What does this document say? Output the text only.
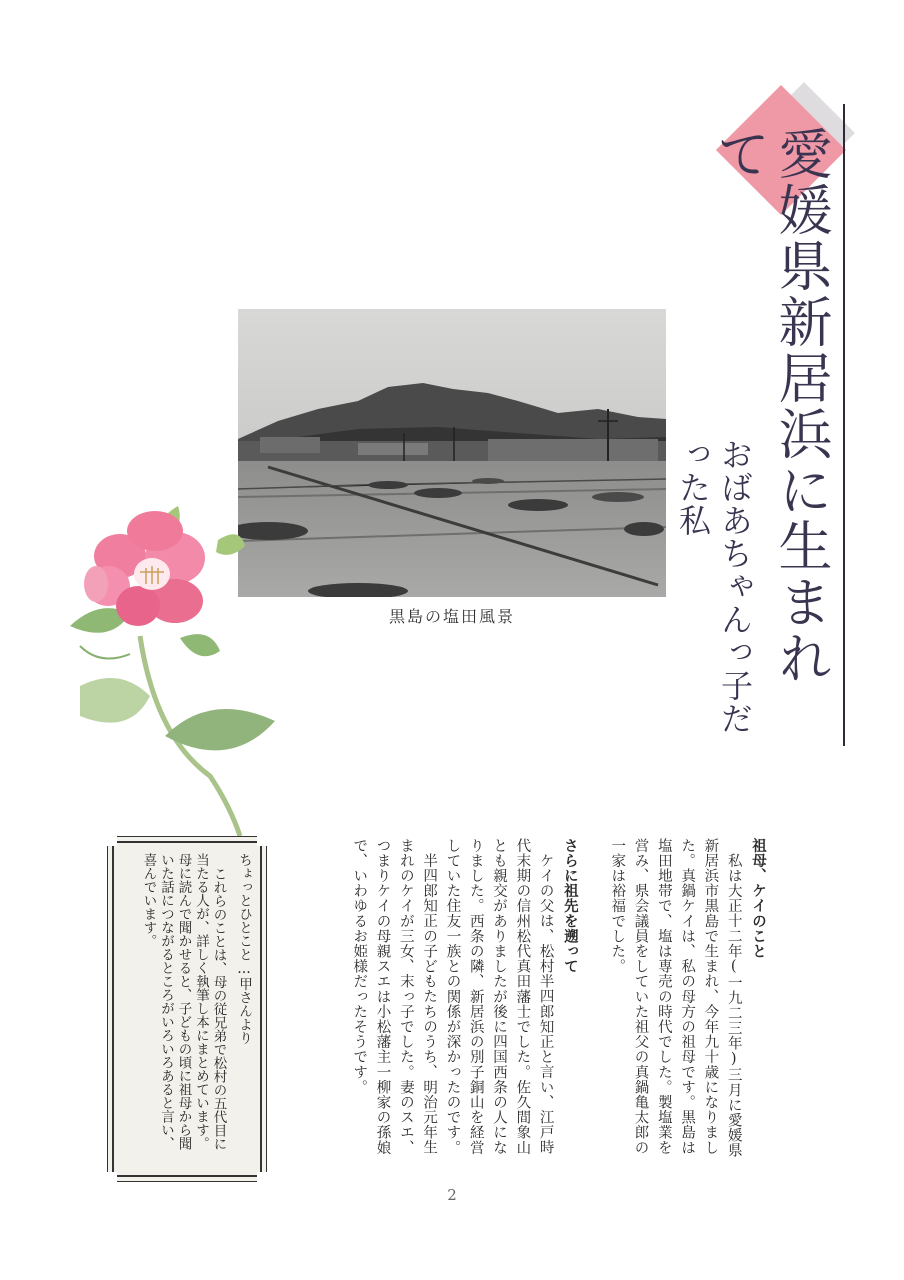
愛媛県新居浜に生まれて
おばあちゃんっ子だった私
黒島の塩田風景
祖母、ケイのこと

私は大正十二年(一九二三年)三月に愛媛県新居浜市黒島で生まれ、今年九十歳になりました。真鍋ケイは、私の母方の祖母です。黒島は塩田地帯で、塩は専売の時代でした。製塩業を営み、県会議員をしていた祖父の真鍋亀太郎の一家は裕福でした。

さらに祖先を遡って

ケイの父は、松村半四郎知正と言い、江戸時代末期の信州松代真田藩士でした。佐久間象山とも親交がありましたが後に四国西条の人になりました。西条の隣、新居浜の別子銅山を経営していた住友一族との関係が深かったのです。

半四郎知正の子どもたちのうち、明治元年生まれのケイが三女、末っ子でした。妻のスエ、つまりケイの母親スエは小松藩主一柳家の孫娘で、いわゆるお姫様だったそうです。

ちょっとひとこと…甲さんより

これらのことは、母の従兄弟で松村の五代目に当たる人が、詳しく執筆し本にまとめています。母に読んで聞かせると、子どもの頃に祖母から聞いた話につながるところがいろいろあると言い、喜んでいます。

2
